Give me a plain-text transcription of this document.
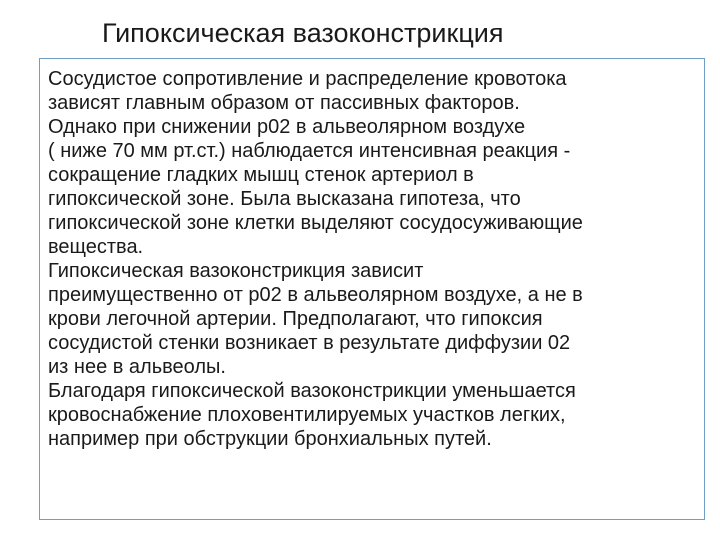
Гипоксическая вазоконстрикция
Сосудистое сопротивление и распределение кровотока
зависят главным образом от пассивных факторов.
Однако при снижении р02 в альвеолярном воздухе
( ниже 70 мм рт.ст.) наблюдается интенсивная реакция -
сокращение гладких мышц стенок артериол в
гипоксической зоне. Была высказана гипотеза, что
гипоксической зоне клетки выделяют сосудосуживающие
вещества.
Гипоксическая вазоконстрикция зависит
преимущественно от р02 в альвеолярном воздухе, а не в
крови легочной артерии. Предполагают, что гипоксия
сосудистой стенки возникает в результате диффузии 02
из нее в альвеолы.
Благодаря гипоксической вазоконстрикции уменьшается
кровоснабжение плоховентилируемых участков легких,
например при обструкции бронхиальных путей.
